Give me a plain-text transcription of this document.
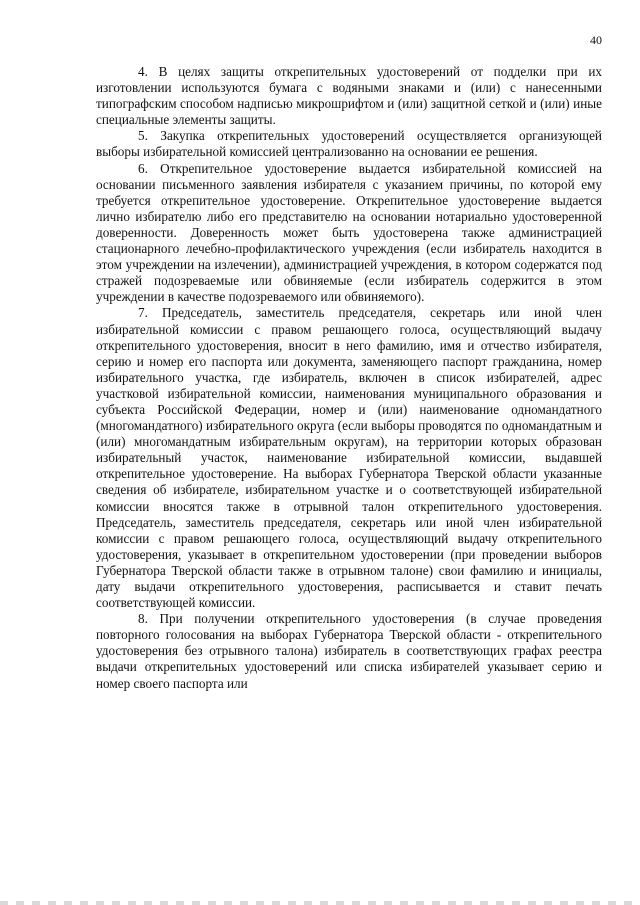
40

4. В целях защиты открепительных удостоверений от подделки при их изготовлении используются бумага с водяными знаками и (или) с нанесенными типографским способом надписью микрошрифтом и (или) защитной сеткой и (или) иные специальные элементы защиты.

5. Закупка открепительных удостоверений осуществляется организующей выборы избирательной комиссией централизованно на основании ее решения.

6. Открепительное удостоверение выдается избирательной комиссией на основании письменного заявления избирателя с указанием причины, по которой ему требуется открепительное удостоверение. Открепительное удостоверение выдается лично избирателю либо его представителю на основании нотариально удостоверенной доверенности. Доверенность может быть удостоверена также администрацией стационарного лечебно-профилактического учреждения (если избиратель находится в этом учреждении на излечении), администрацией учреждения, в котором содержатся под стражей подозреваемые или обвиняемые (если избиратель содержится в этом учреждении в качестве подозреваемого или обвиняемого).

7. Председатель, заместитель председателя, секретарь или иной член избирательной комиссии с правом решающего голоса, осуществляющий выдачу открепительного удостоверения, вносит в него фамилию, имя и отчество избирателя, серию и номер его паспорта или документа, заменяющего паспорт гражданина, номер избирательного участка, где избиратель, включен в список избирателей, адрес участковой избирательной комиссии, наименования муниципального образования и субъекта Российской Федерации, номер и (или) наименование одномандатного (многомандатного) избирательного округа (если выборы проводятся по одномандатным и (или) многомандатным избирательным округам), на территории которых образован избирательный участок, наименование избирательной комиссии, выдавшей открепительное удостоверение. На выборах Губернатора Тверской области указанные сведения об избирателе, избирательном участке и о соответствующей избирательной комиссии вносятся также в отрывной талон открепительного удостоверения. Председатель, заместитель председателя, секретарь или иной член избирательной комиссии с правом решающего голоса, осуществляющий выдачу открепительного удостоверения, указывает в открепительном удостоверении (при проведении выборов Губернатора Тверской области также в отрывном талоне) свои фамилию и инициалы, дату выдачи открепительного удостоверения, расписывается и ставит печать соответствующей комиссии.

8. При получении открепительного удостоверения (в случае проведения повторного голосования на выборах Губернатора Тверской области - открепительного удостоверения без отрывного талона) избиратель в соответствующих графах реестра выдачи открепительных удостоверений или списка избирателей указывает серию и номер своего паспорта или
